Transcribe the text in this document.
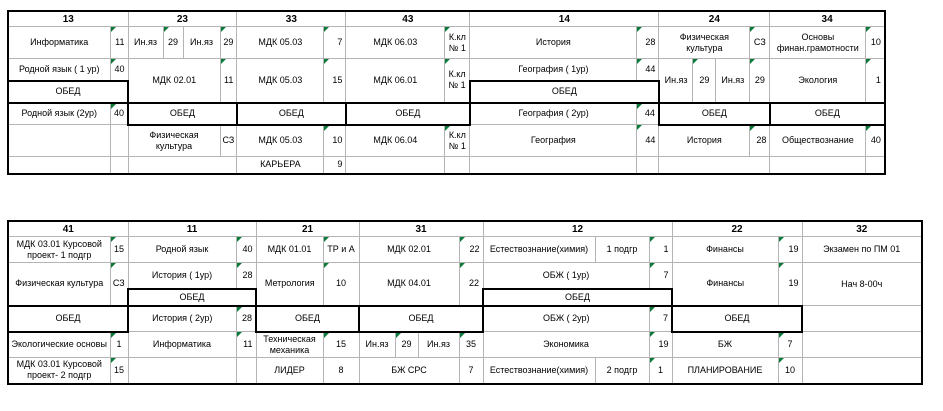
13		23				33		43		14		24				34	
Информатика	11	Ин.яз	29	Ин.яз	29	МДК 05.03	7	МДК 06.03	К.кл № 1	История	28	Физическая культура			СЗ	Основы финан.грамотности	10
Родной язык ( 1 ур)	40	МДК 02.01			11	МДК 05.03	15	МДК 06.01	К.кл № 1	География ( 1ур)	44	Ин.яз	29	Ин.яз	29	Экология	1
ОБЕД										ОБЕД							
Родной язык (2ур)	40	ОБЕД				ОБЕД		ОБЕД		География ( 2ур)	44	ОБЕД				ОБЕД	
		Физическая культура			СЗ	МДК 05.03	10	МДК 06.04	К.кл № 1	География	44	История			28	Обществознание	40
						КАРЬЕРА	9										
41		11		21		31				12			22		32
МДК 03.01 Курсовой проект- 1 подгр	15	Родной язык	40	МДК 01.01	ТР и А	МДК 02.01			22	Естествознание(химия)	1 подгр	1	Финансы	19	Экзамен по ПМ 01
Физическая культура	СЗ	История ( 1ур)	28	Метрология	10	МДК 04.01			22	ОБЖ ( 1ур)		7	Финансы	19	Нач 8-00ч
		ОБЕД								ОБЕД					
ОБЕД		История ( 2ур)	28	ОБЕД		ОБЕД				ОБЖ ( 2ур)		7	ОБЕД		
Экологические основы	1	Информатика	11	Техническая механика	15	Ин.яз	29	Ин.яз	35	Экономика		19	БЖ	7	
МДК 03.01 Курсовой проект- 2 подгр	15			ЛИДЕР	8	БЖ СРС			7	Естествознание(химия)	2 подгр	1	ПЛАНИРОВАНИЕ	10	
